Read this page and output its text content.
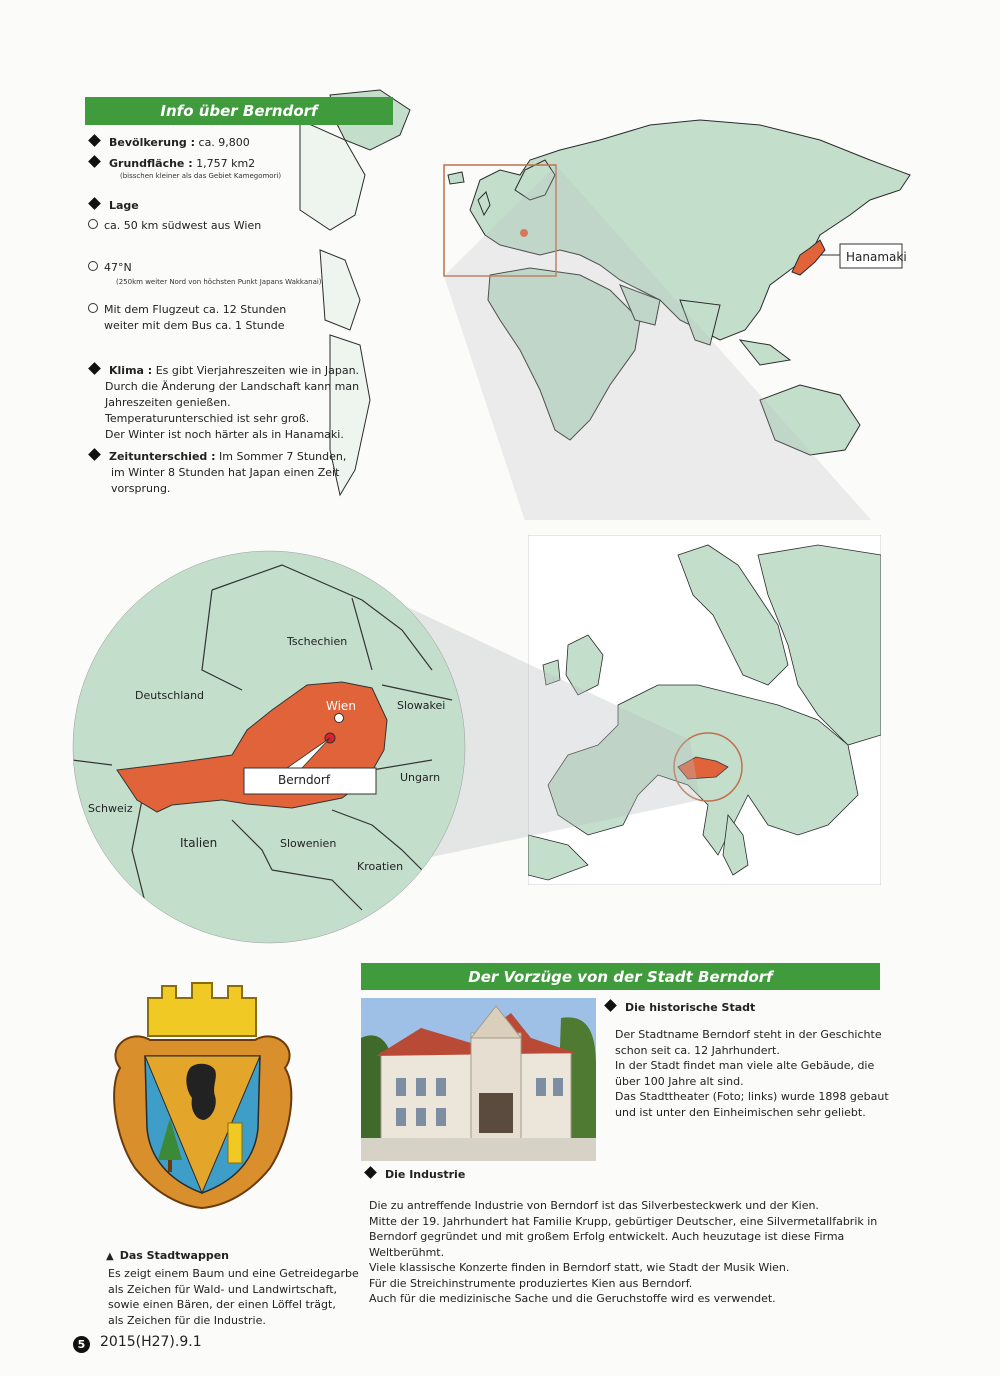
Hanamaki
Info über Berndorf
Bevölkerung : ca. 9,800
Grundfläche : 1,757 km2
(bisschen kleiner als das Gebiet Kamegomori)
Lage
ca. 50 km südwest aus Wien
47°N
(250km weiter Nord von höchsten Punkt Japans Wakkanai)
Mit dem Flugzeut ca. 12 Stunden
weiter mit dem Bus ca. 1 Stunde
Klima : Es gibt Vierjahreszeiten wie in Japan.
Durch die Änderung der Landschaft kann man
Jahreszeiten genießen.
Temperaturunterschied ist sehr groß.
Der Winter ist noch härter als in Hanamaki.
Zeitunterschied : Im Sommer 7 Stunden,
im Winter 8 Stunden hat Japan einen Zeit
vorsprung.
Wien
Berndorf
Tschechien
Deutschland
Slowakei
Ungarn
Schweiz
Italien	Slowenien
Kroatien
Der Vorzüge von der Stadt Berndorf
Die historische Stadt
Der Stadtname Berndorf steht in der Geschichte
schon seit ca. 12 Jahrhundert.
In der Stadt findet man viele alte Gebäude, die
über 100 Jahre alt sind.
Das Stadttheater (Foto; links) wurde 1898 gebaut
und ist unter den Einheimischen sehr geliebt.
Die Industrie
Die zu antreffende Industrie von Berndorf ist das Silverbesteckwerk und der Kien.
Mitte der 19. Jahrhundert hat Familie Krupp, gebürtiger Deutscher, eine Silvermetallfabrik in
Berndorf gegründet und mit großem Erfolg entwickelt. Auch heuzutage ist diese Firma
Weltberühmt.
Viele klassische Konzerte finden in Berndorf statt, wie Stadt der Musik Wien.
Für die Streichinstrumente produziertes Kien aus Berndorf.
Auch für die medizinische Sache und die Geruchstoffe wird es verwendet.
▲ Das Stadtwappen
Es zeigt einem Baum und eine Getreidegarbe
als Zeichen für Wald- und Landwirtschaft,
sowie einen Bären, der einen Löffel trägt,
als Zeichen für die Industrie.
5 2015(H27).9.1
